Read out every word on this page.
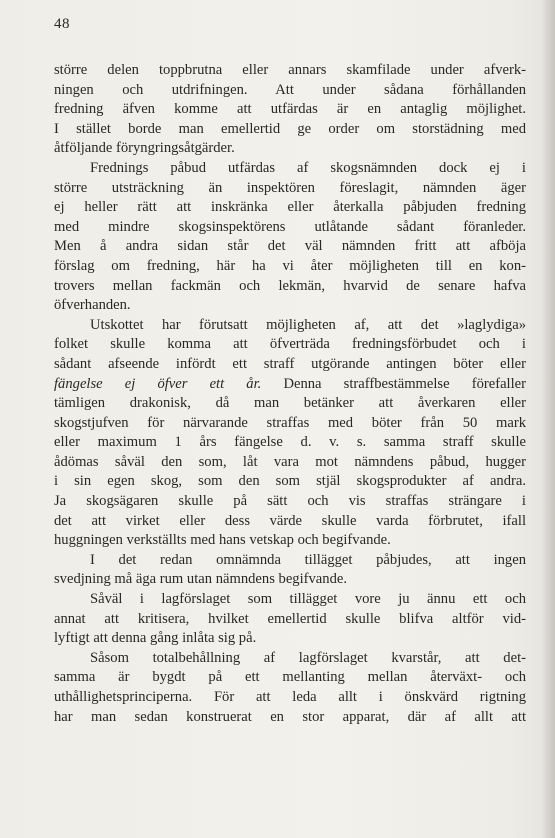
48
större delen toppbrutna eller annars skamfilade under afverk-
ningen och utdrifningen. Att under sådana förhållanden
fredning äfven komme att utfärdas är en antaglig möjlighet.
I stället borde man emellertid ge order om storstädning med
åtföljande föryngringsåtgärder.
Frednings påbud utfärdas af skogsnämnden dock ej i
större utsträckning än inspektören föreslagit, nämnden äger
ej heller rätt att inskränka eller återkalla påbjuden fredning
med mindre skogsinspektörens utlåtande sådant föranleder.
Men å andra sidan står det väl nämnden fritt att afböja
förslag om fredning, här ha vi åter möjligheten till en kon-
trovers mellan fackmän och lekmän, hvarvid de senare hafva
öfverhanden.
Utskottet har förutsatt möjligheten af, att det »laglydiga»
folket skulle komma att öfverträda fredningsförbudet och i
sådant afseende infördt ett straff utgörande antingen böter eller
fängelse ej öfver ett år. Denna straffbestämmelse förefaller
tämligen drakonisk, då man betänker att åverkaren eller
skogstjufven för närvarande straffas med böter från 50 mark
eller maximum 1 års fängelse d. v. s. samma straff skulle
ådömas såväl den som, låt vara mot nämndens påbud, hugger
i sin egen skog, som den som stjäl skogsprodukter af andra.
Ja skogsägaren skulle på sätt och vis straffas strängare i
det att virket eller dess värde skulle varda förbrutet, ifall
huggningen verkställts med hans vetskap och begifvande.
I det redan omnämnda tillägget påbjudes, att ingen
svedjning må äga rum utan nämndens begifvande.
Såväl i lagförslaget som tillägget vore ju ännu ett och
annat att kritisera, hvilket emellertid skulle blifva altför vid-
lyftigt att denna gång inlåta sig på.
Såsom totalbehållning af lagförslaget kvarstår, att det-
samma är bygdt på ett mellanting mellan återväxt- och
uthållighetsprinciperna. För att leda allt i önskvärd rigtning
har man sedan konstruerat en stor apparat, där af allt att
